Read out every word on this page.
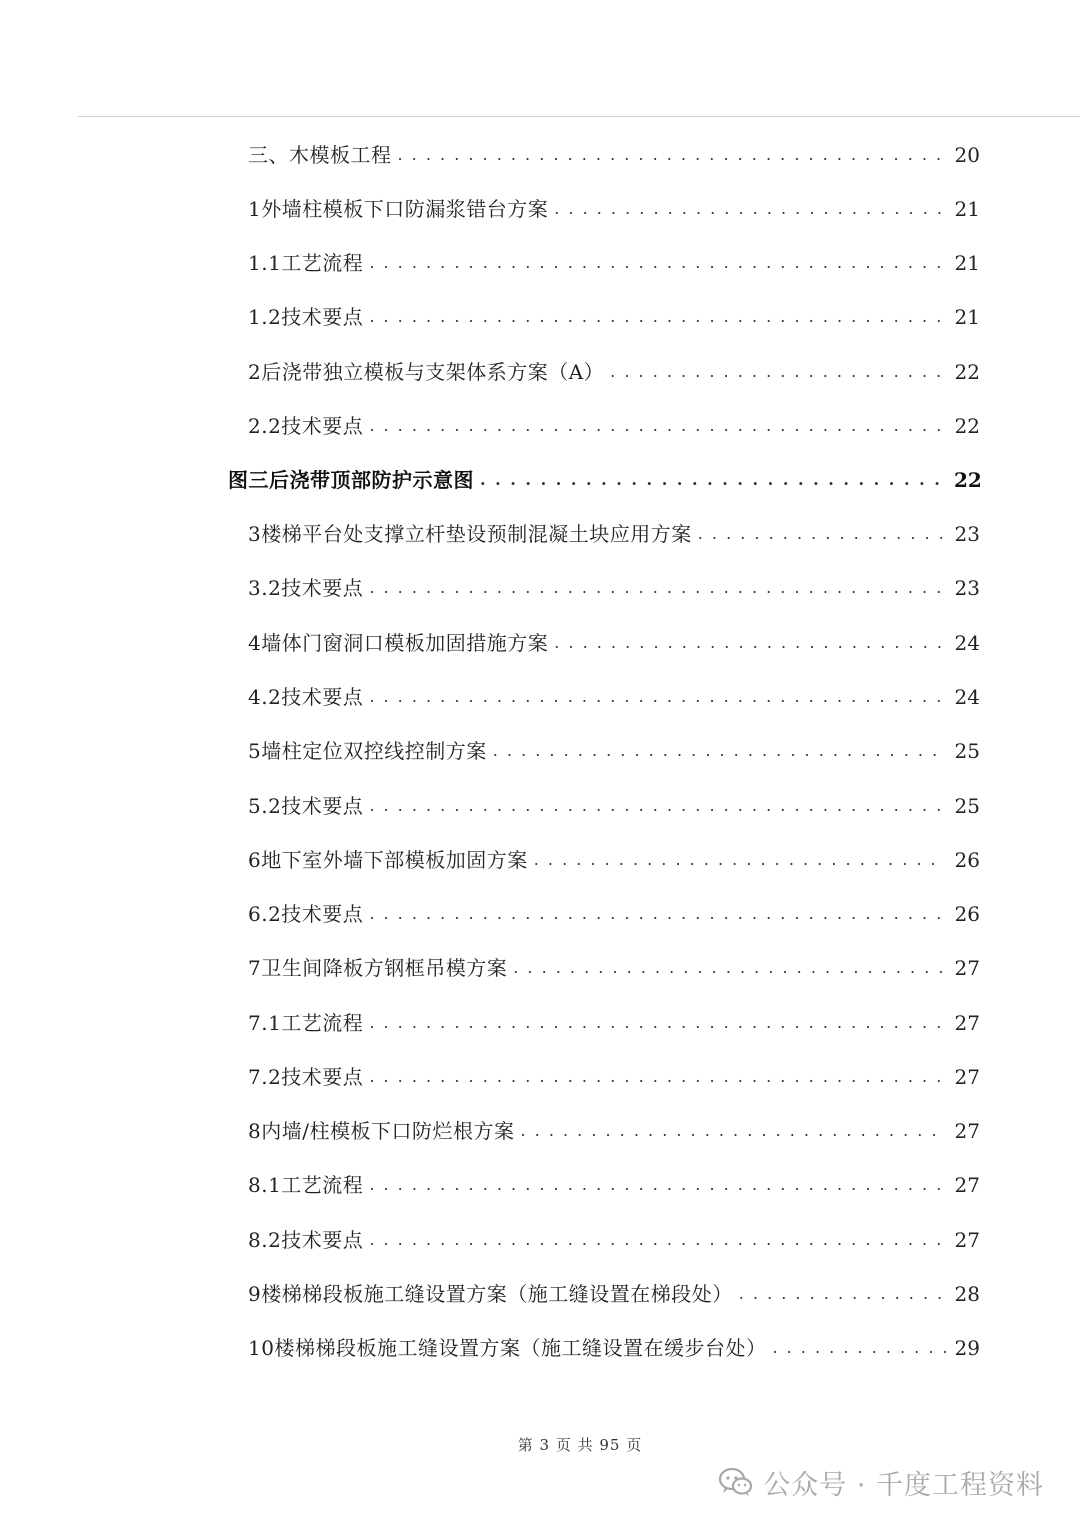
三、木模板工程 . . .	20
1外墙柱模板下口防漏浆错台方案 . . .	21
1.1工艺流程 . . .	21
1.2技术要点 . . .	21
2后浇带独立模板与支架体系方案（A） . . .	22
2.2技术要点 . . .	22
图三后浇带顶部防护示意图 . . .	22
3楼梯平台处支撑立杆垫设预制混凝土块应用方案 . . .	23
3.2技术要点 . . .	23
4墙体门窗洞口模板加固措施方案 . . .	24
4.2技术要点 . . .	24
5墙柱定位双控线控制方案 . . .	25
5.2技术要点 . . .	25
6地下室外墙下部模板加固方案 . . .	26
6.2技术要点 . . .	26
7卫生间降板方钢框吊模方案 . . .	27
7.1工艺流程 . . .	27
7.2技术要点 . . .	27
8内墙/柱模板下口防烂根方案 . . .	27
8.1工艺流程 . . .	27
8.2技术要点 . . .	27
9楼梯梯段板施工缝设置方案（施工缝设置在梯段处） . . .	28
10楼梯梯段板施工缝设置方案（施工缝设置在缓步台处） . . .	29
第 3 页 共 95 页
公众号 · 千度工程资料
